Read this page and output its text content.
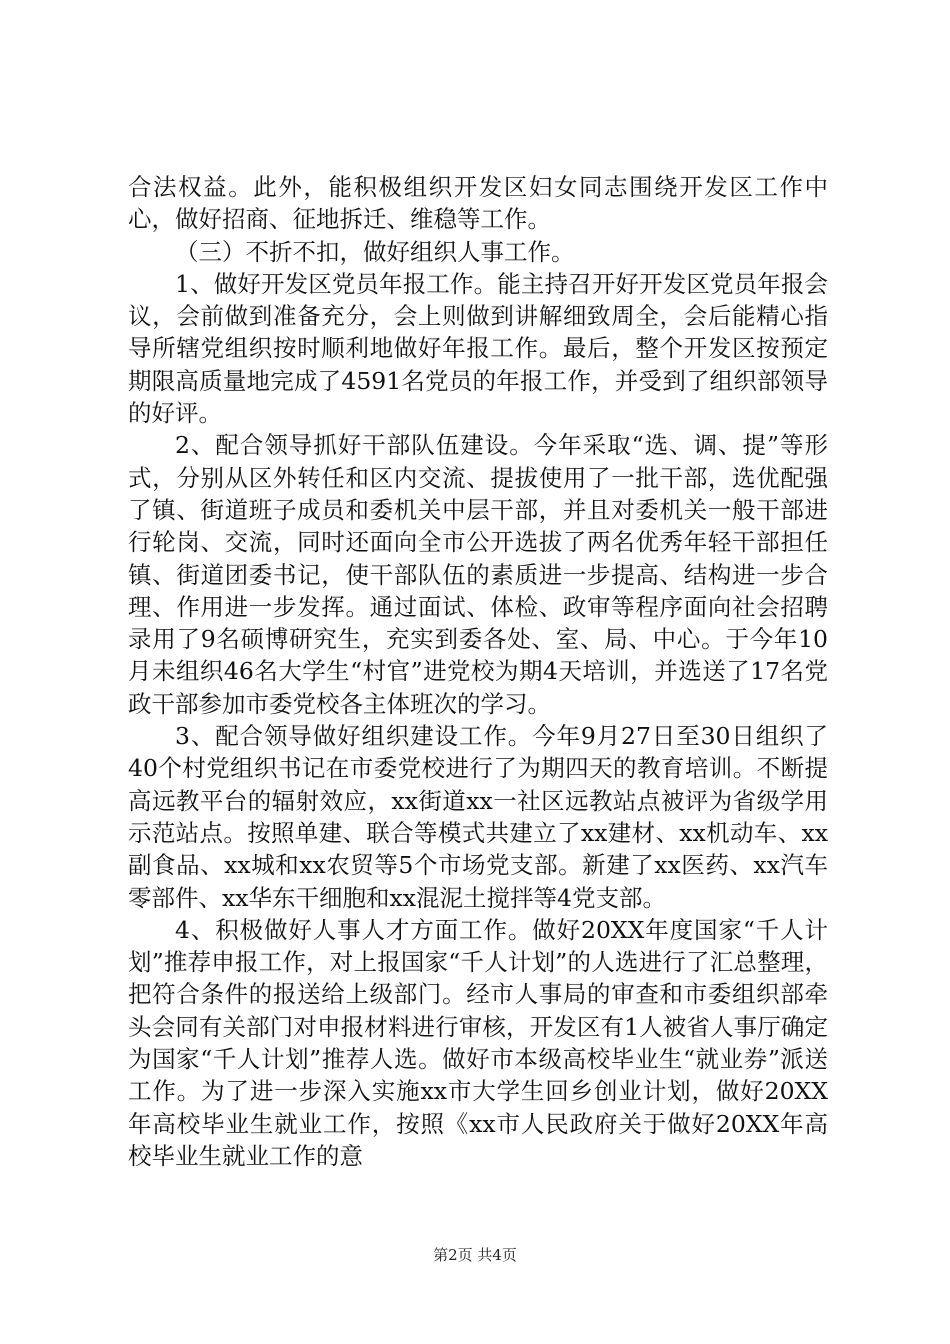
合法权益。此外，能积极组织开发区妇女同志围绕开发区工作中心，做好招商、征地拆迁、维稳等工作。

（三）不折不扣，做好组织人事工作。

1、做好开发区党员年报工作。能主持召开好开发区党员年报会议，会前做到准备充分，会上则做到讲解细致周全，会后能精心指导所辖党组织按时顺利地做好年报工作。最后，整个开发区按预定期限高质量地完成了4591名党员的年报工作，并受到了组织部领导的好评。

2、配合领导抓好干部队伍建设。今年采取“选、调、提”等形式，分别从区外转任和区内交流、提拔使用了一批干部，选优配强了镇、街道班子成员和委机关中层干部，并且对委机关一般干部进行轮岗、交流，同时还面向全市公开选拔了两名优秀年轻干部担任镇、街道团委书记，使干部队伍的素质进一步提高、结构进一步合理、作用进一步发挥。通过面试、体检、政审等程序面向社会招聘录用了9名硕博研究生，充实到委各处、室、局、中心。于今年10月未组织46名大学生“村官”进党校为期4天培训，并选送了17名党政干部参加市委党校各主体班次的学习。

3、配合领导做好组织建设工作。今年9月27日至30日组织了40个村党组织书记在市委党校进行了为期四天的教育培训。不断提高远教平台的辐射效应，xx街道xx一社区远教站点被评为省级学用示范站点。按照单建、联合等模式共建立了xx建材、xx机动车、xx副食品、xx城和xx农贸等5个市场党支部。新建了xx医药、xx汽车零部件、xx华东干细胞和xx混泥土搅拌等4党支部。

4、积极做好人事人才方面工作。做好20XX年度国家“千人计划”推荐申报工作，对上报国家“千人计划”的人选进行了汇总整理，把符合条件的报送给上级部门。经市人事局的审查和市委组织部牵头会同有关部门对申报材料进行审核，开发区有1人被省人事厅确定为国家“千人计划”推荐人选。做好市本级高校毕业生“就业券”派送工作。为了进一步深入实施xx市大学生回乡创业计划，做好20XX年高校毕业生就业工作，按照《xx市人民政府关于做好20XX年高校毕业生就业工作的意

第2页 共4页
